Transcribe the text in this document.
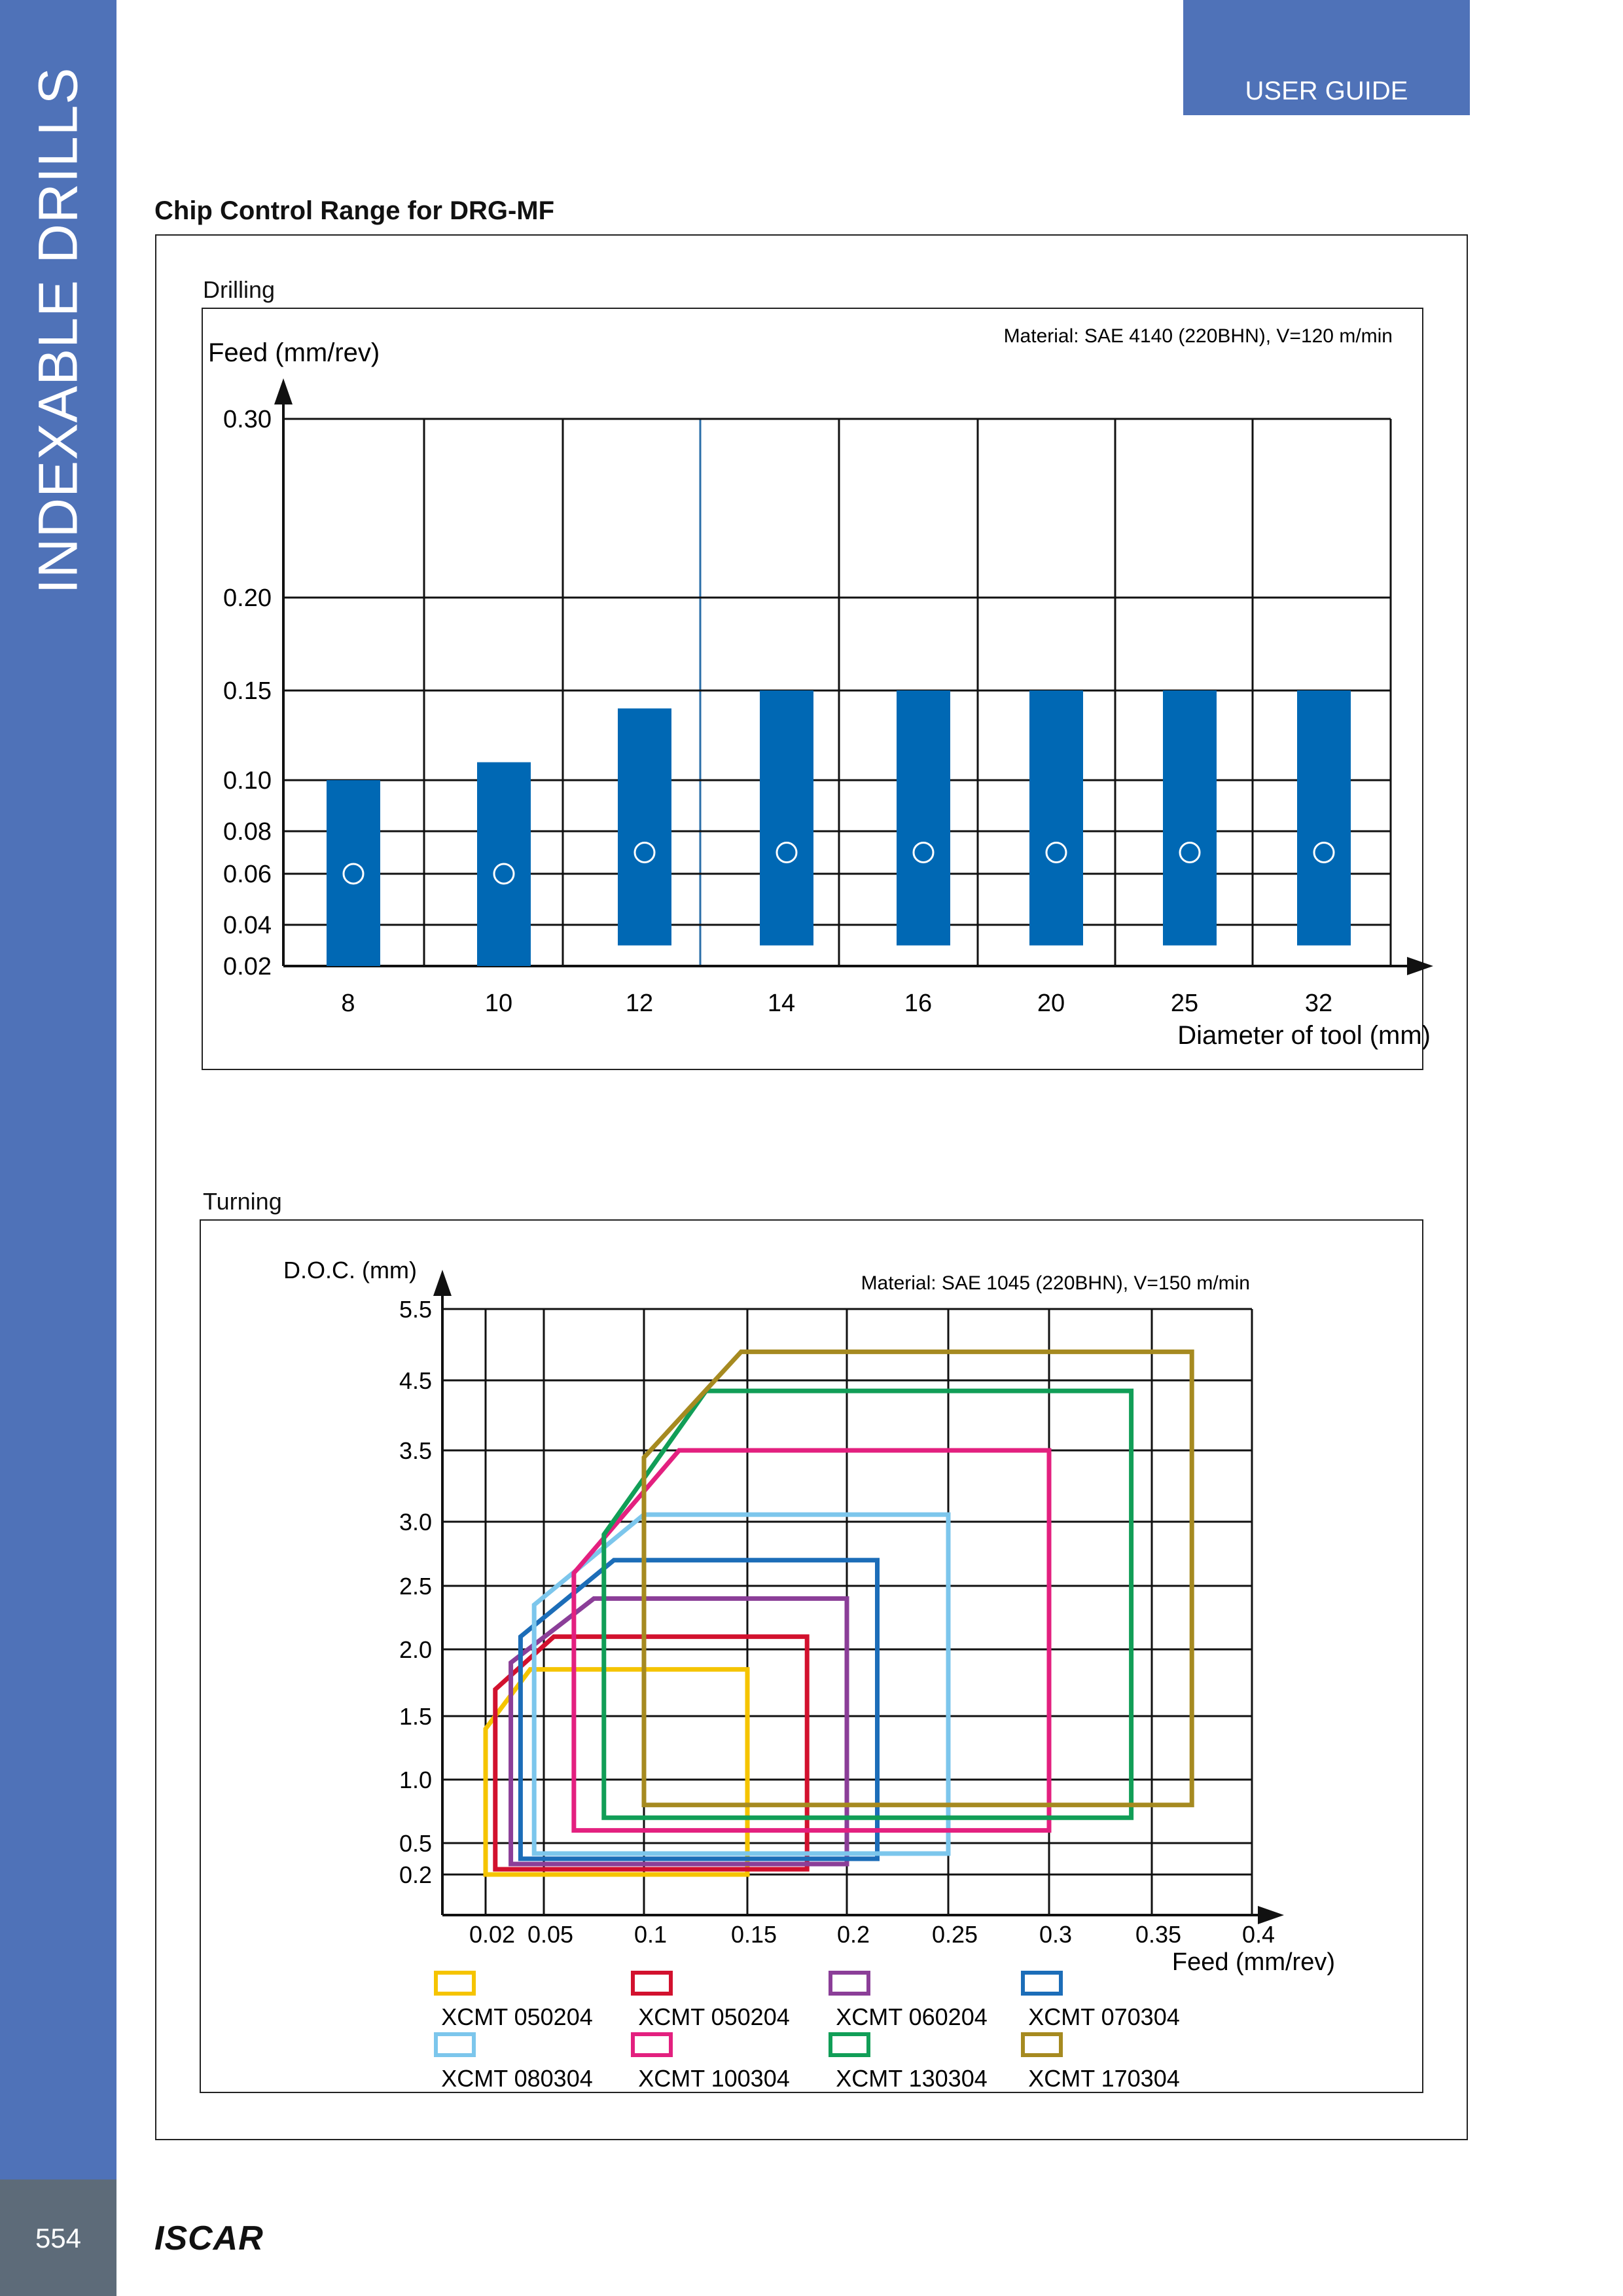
INDEXABLE DRILLS
554	ISCAR
USER GUIDE
Chip Control Range for DRG-MF
Drilling
Turning
0.02
0.04
0.06
0.08
0.10
0.15
0.20
0.30
8	10	12	14	16	20	25	32
Feed (mm/rev)
Diameter of tool (mm)
Material: SAE 4140 (220BHN), V=120 m/min
0.2
0.5
1.0
1.5
2.0
2.5
3.0
3.5
4.5
5.5
0.02 0.05	0.1	0.15	0.2	0.25	0.3	0.35	0.4
D.O.C. (mm)
Feed (mm/rev)
Material: SAE 1045 (220BHN), V=150 m/min
XCMT 050204 XCMT 050204 XCMT 060204 XCMT 070304
XCMT 080304 XCMT 100304 XCMT 130304 XCMT 170304
